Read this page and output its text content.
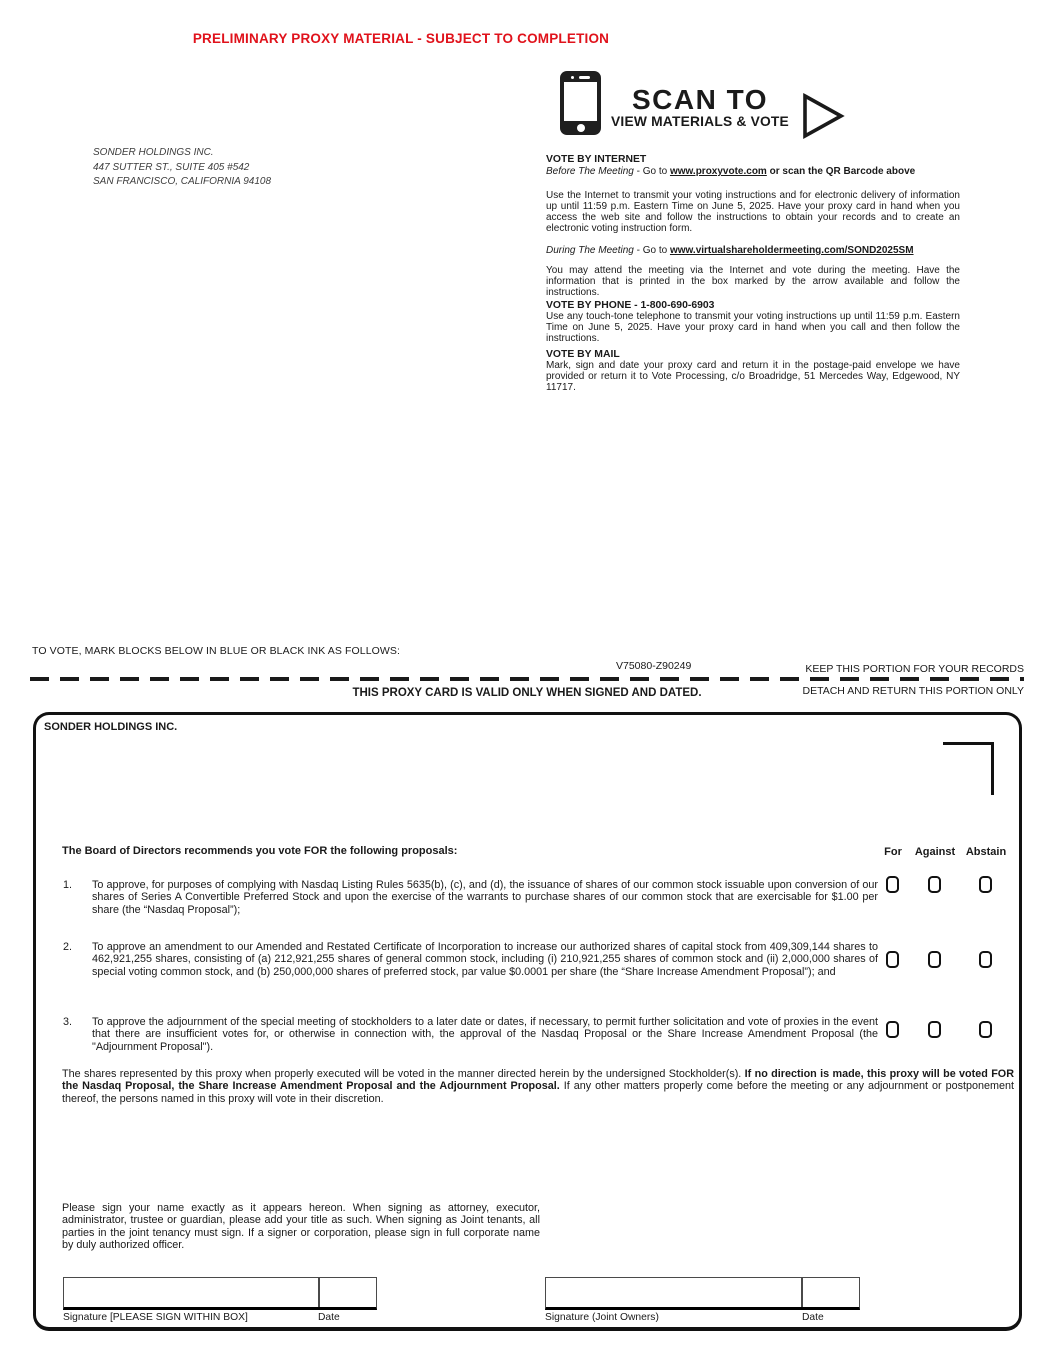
PRELIMINARY PROXY MATERIAL - SUBJECT TO COMPLETION
SONDER HOLDINGS INC.
447 SUTTER ST., SUITE 405 #542
SAN FRANCISCO, CALIFORNIA 94108
SCAN TO
VIEW MATERIALS & VOTE
VOTE BY INTERNET
Before The Meeting - Go to www.proxyvote.com or scan the QR Barcode above
Use the Internet to transmit your voting instructions and for electronic delivery of information up until 11:59 p.m. Eastern Time on June 5, 2025. Have your proxy card in hand when you access the web site and follow the instructions to obtain your records and to create an electronic voting instruction form.
During The Meeting - Go to www.virtualshareholdermeeting.com/SOND2025SM
You may attend the meeting via the Internet and vote during the meeting. Have the information that is printed in the box marked by the arrow available and follow the instructions.
VOTE BY PHONE - 1-800-690-6903
Use any touch-tone telephone to transmit your voting instructions up until 11:59 p.m. Eastern Time on June 5, 2025. Have your proxy card in hand when you call and then follow the instructions.
VOTE BY MAIL
Mark, sign and date your proxy card and return it in the postage-paid envelope we have provided or return it to Vote Processing, c/o Broadridge, 51 Mercedes Way, Edgewood, NY 11717.
TO VOTE, MARK BLOCKS BELOW IN BLUE OR BLACK INK AS FOLLOWS:
V75080-Z90249	KEEP THIS PORTION FOR YOUR RECORDS
THIS PROXY CARD IS VALID ONLY WHEN SIGNED AND DATED.	DETACH AND RETURN THIS PORTION ONLY
SONDER HOLDINGS INC.
The Board of Directors recommends you vote FOR the following proposals:	For	Against Abstain
1.	To approve, for purposes of complying with Nasdaq Listing Rules 5635(b), (c), and (d), the issuance of shares of our common stock issuable upon conversion of our shares of Series A Convertible Preferred Stock and upon the exercise of the warrants to purchase shares of our common stock that are exercisable for $1.00 per share (the “Nasdaq Proposal”);
2.	To approve an amendment to our Amended and Restated Certificate of Incorporation to increase our authorized shares of capital stock from 409,309,144 shares to 462,921,255 shares, consisting of (a) 212,921,255 shares of general common stock, including (i) 210,921,255 shares of common stock and (ii) 2,000,000 shares of special voting common stock, and (b) 250,000,000 shares of preferred stock, par value $0.0001 per share (the “Share Increase Amendment Proposal”); and
3.	To approve the adjournment of the special meeting of stockholders to a later date or dates, if necessary, to permit further solicitation and vote of proxies in the event that there are insufficient votes for, or otherwise in connection with, the approval of the Nasdaq Proposal or the Share Increase Amendment Proposal (the "Adjournment Proposal").
The shares represented by this proxy when properly executed will be voted in the manner directed herein by the undersigned Stockholder(s). If no direction is made, this proxy will be voted FOR the Nasdaq Proposal, the Share Increase Amendment Proposal and the Adjournment Proposal. If any other matters properly come before the meeting or any adjournment or postponement thereof, the persons named in this proxy will vote in their discretion.
Please sign your name exactly as it appears hereon. When signing as attorney, executor, administrator, trustee or guardian, please add your title as such. When signing as Joint tenants, all parties in the joint tenancy must sign. If a signer or corporation, please sign in full corporate name by duly authorized officer.
Signature [PLEASE SIGN WITHIN BOX]	Date	Signature (Joint Owners)	Date
